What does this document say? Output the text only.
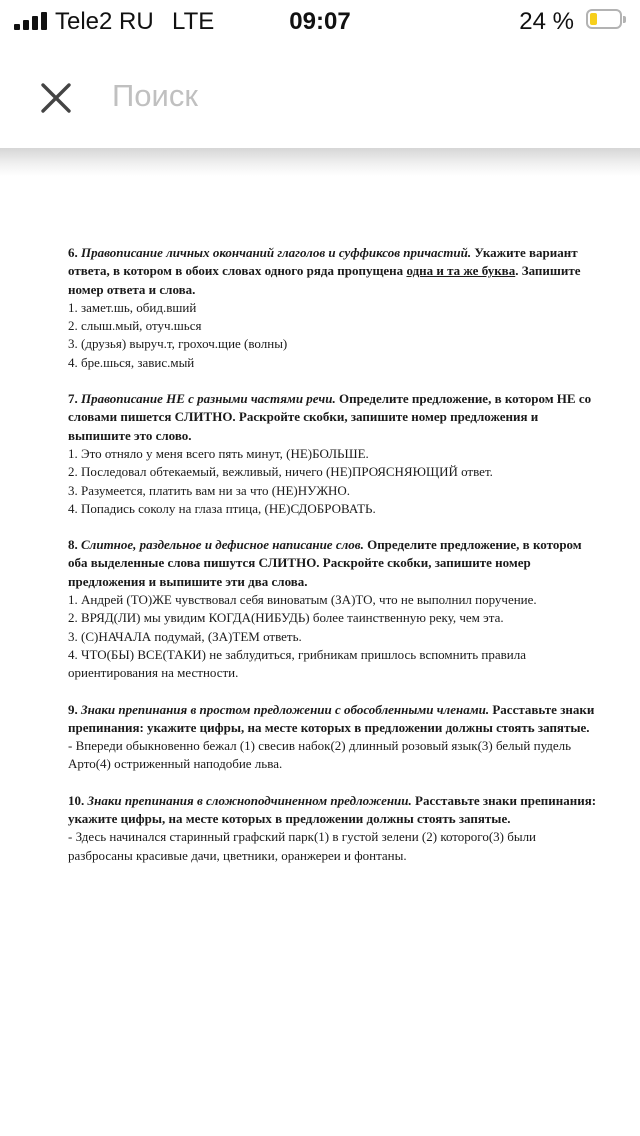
Tele2 RU LTE	09:07	24 %
Поиск
6. Правописание личных окончаний глаголов и суффиксов причастий. Укажите вариант ответа, в котором в обоих словах одного ряда пропущена одна и та же буква. Запишите номер ответа и слова.
1. замет.шь, обид.вший
2. слыш.мый, отуч.шься
3. (друзья) выруч.т, грохоч.щие (волны)
4. бре.шься, завис.мый
7. Правописание НЕ с разными частями речи. Определите предложение, в котором НЕ со словами пишется СЛИТНО. Раскройте скобки, запишите номер предложения и выпишите это слово.
1. Это отняло у меня всего пять минут, (НЕ)БОЛЬШЕ.
2. Последовал обтекаемый, вежливый, ничего (НЕ)ПРОЯСНЯЮЩИЙ ответ.
3. Разумеется, платить вам ни за что (НЕ)НУЖНО.
4. Попадись соколу на глаза птица, (НЕ)СДОБРОВАТЬ.
8. Слитное, раздельное и дефисное написание слов. Определите предложение, в котором оба выделенные слова пишутся СЛИТНО. Раскройте скобки, запишите номер предложения и выпишите эти два слова.
1. Андрей (ТО)ЖЕ чувствовал себя виноватым (ЗА)ТО, что не выполнил поручение.
2. ВРЯД(ЛИ) мы увидим КОГДА(НИБУДЬ) более таинственную реку, чем эта.
3. (С)НАЧАЛА подумай, (ЗА)ТЕМ ответь.
4. ЧТО(БЫ) ВСЕ(ТАКИ) не заблудиться, грибникам пришлось вспомнить правила ориентирования на местности.
9. Знаки препинания в простом предложении с обособленными членами. Расставьте знаки препинания: укажите цифры, на месте которых в предложении должны стоять запятые.
- Впереди обыкновенно бежал (1) свесив набок(2) длинный розовый язык(3) белый пудель Арто(4) остриженный наподобие льва.
10. Знаки препинания в сложноподчиненном предложении. Расставьте знаки препинания: укажите цифры, на месте которых в предложении должны стоять запятые.
- Здесь начинался старинный графский парк(1) в густой зелени (2) которого(3) были разбросаны красивые дачи, цветники, оранжереи и фонтаны.
